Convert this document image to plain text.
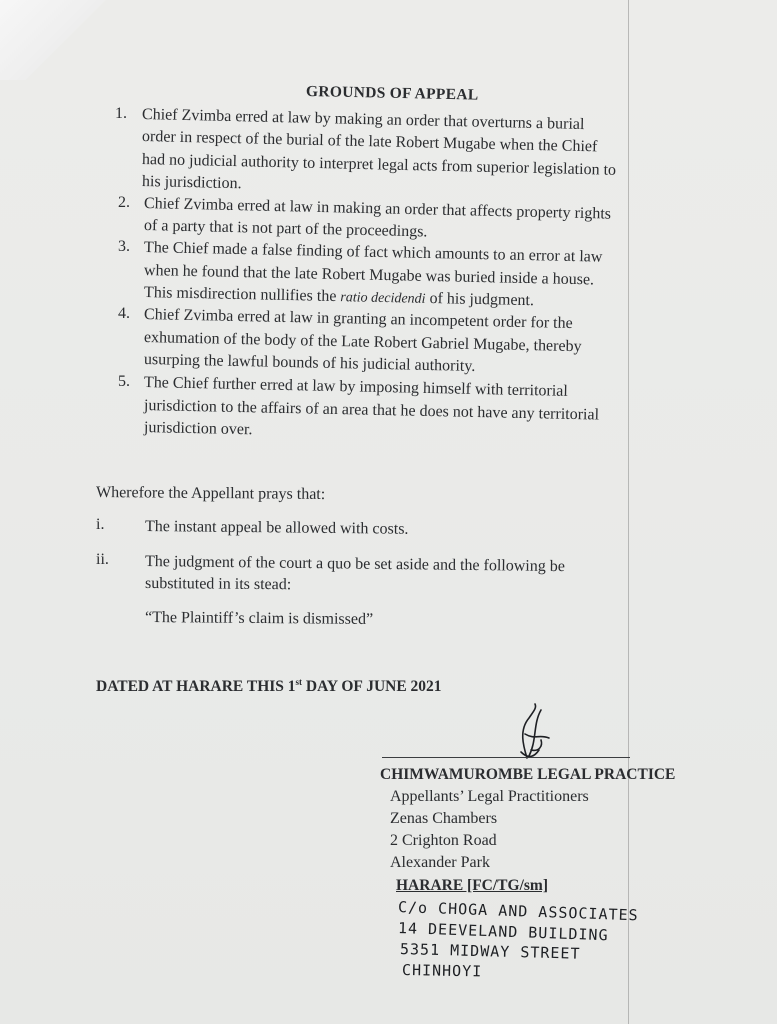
GROUNDS OF APPEAL
1. Chief Zvimba erred at law by making an order that overturns a burial
order in respect of the burial of the late Robert Mugabe when the Chief
had no judicial authority to interpret legal acts from superior legislation to
his jurisdiction.
2. Chief Zvimba erred at law in making an order that affects property rights
of a party that is not part of the proceedings.
3. The Chief made a false finding of fact which amounts to an error at law
when he found that the late Robert Mugabe was buried inside a house.
This misdirection nullifies the ratio decidendi of his judgment.
4. Chief Zvimba erred at law in granting an incompetent order for the
exhumation of the body of the Late Robert Gabriel Mugabe, thereby
usurping the lawful bounds of his judicial authority.
5. The Chief further erred at law by imposing himself with territorial
jurisdiction to the affairs of an area that he does not have any territorial
jurisdiction over.
Wherefore the Appellant prays that:
i.	The instant appeal be allowed with costs.
ii. The judgment of the court a quo be set aside and the following be
substituted in its stead:
“The Plaintiff’s claim is dismissed”
DATED AT HARARE THIS 1st DAY OF JUNE 2021
CHIMWAMUROMBE LEGAL PRACTICE
Appellants’ Legal Practitioners
Zenas Chambers
2 Crighton Road
Alexander Park
HARARE [FC/TG/sm]
C/o CHOGA AND ASSOCIATES
14 DEEVELAND BUILDING
5351 MIDWAY STREET
CHINHOYI
